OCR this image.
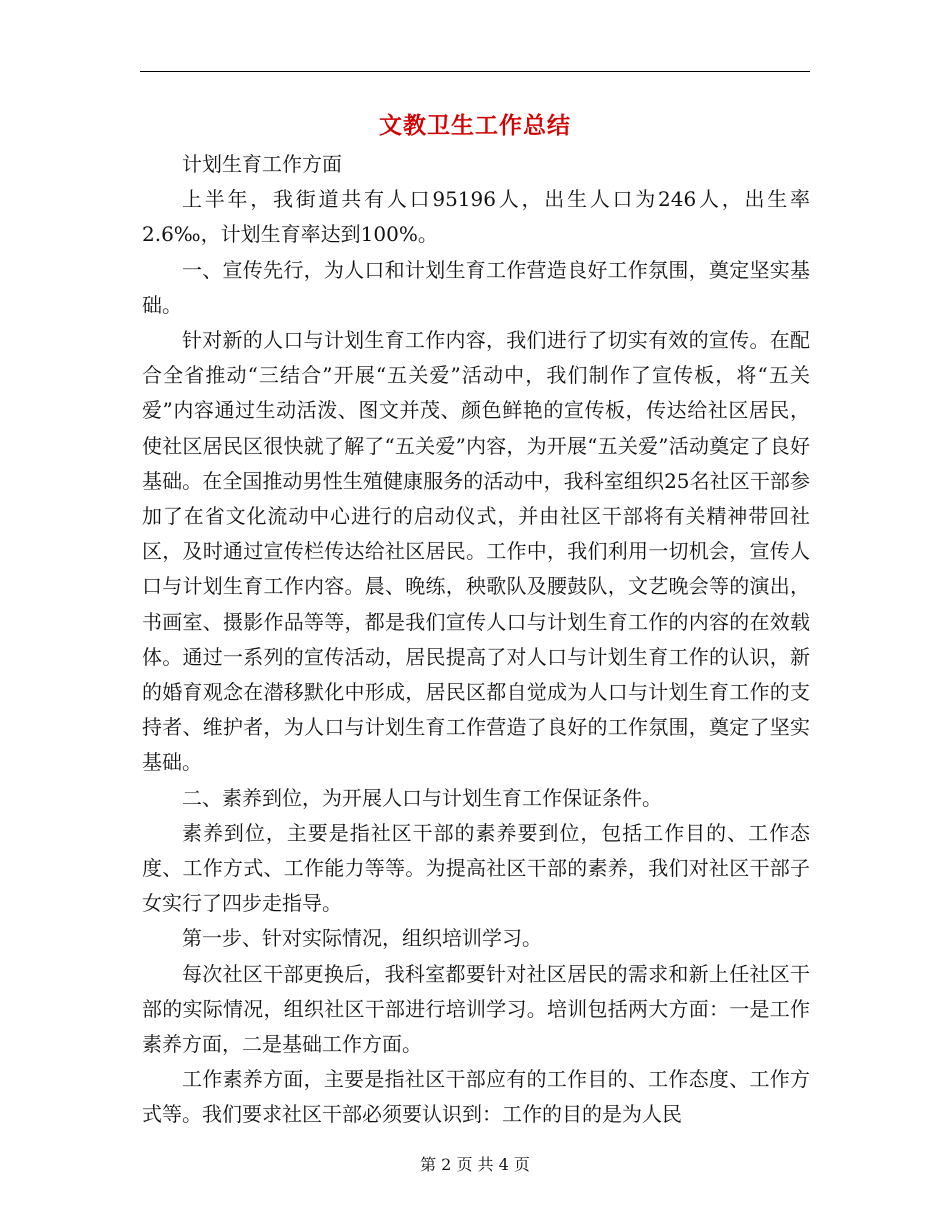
文教卫生工作总结

计划生育工作方面

上半年，我街道共有人口95196人，出生人口为246人，出生率2.6‰，计划生育率达到100%。

一、宣传先行，为人口和计划生育工作营造良好工作氛围，奠定坚实基础。

针对新的人口与计划生育工作内容，我们进行了切实有效的宣传。在配合全省推动“三结合”开展“五关爱”活动中，我们制作了宣传板，将“五关爱”内容通过生动活泼、图文并茂、颜色鲜艳的宣传板，传达给社区居民，使社区居民区很快就了解了“五关爱”内容，为开展“五关爱”活动奠定了良好基础。在全国推动男性生殖健康服务的活动中，我科室组织25名社区干部参加了在省文化流动中心进行的启动仪式，并由社区干部将有关精神带回社区，及时通过宣传栏传达给社区居民。工作中，我们利用一切机会，宣传人口与计划生育工作内容。晨、晚练，秧歌队及腰鼓队，文艺晚会等的演出，书画室、摄影作品等等，都是我们宣传人口与计划生育工作的内容的在效载体。通过一系列的宣传活动，居民提高了对人口与计划生育工作的认识，新的婚育观念在潜移默化中形成，居民区都自觉成为人口与计划生育工作的支持者、维护者，为人口与计划生育工作营造了良好的工作氛围，奠定了坚实基础。

二、素养到位，为开展人口与计划生育工作保证条件。

素养到位，主要是指社区干部的素养要到位，包括工作目的、工作态度、工作方式、工作能力等等。为提高社区干部的素养，我们对社区干部子女实行了四步走指导。

第一步、针对实际情况，组织培训学习。

每次社区干部更换后，我科室都要针对社区居民的需求和新上任社区干部的实际情况，组织社区干部进行培训学习。培训包括两大方面：一是工作素养方面，二是基础工作方面。

工作素养方面，主要是指社区干部应有的工作目的、工作态度、工作方式等。我们要求社区干部必须要认识到：工作的目的是为人民

第 2 页 共 4 页
